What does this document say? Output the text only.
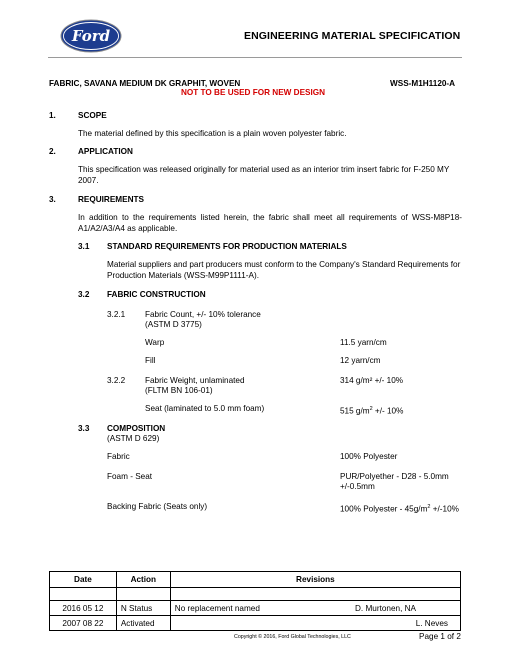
Ford	ENGINEERING MATERIAL SPECIFICATION
FABRIC, SAVANA MEDIUM DK GRAPHIT, WOVEN	WSS-M1H1120-A
NOT TO BE USED FOR NEW DESIGN
1.	SCOPE
The material defined by this specification is a plain woven polyester fabric.
2.	APPLICATION
This specification was released originally for material used as an interior trim insert fabric for F-250 MY 2007.
3.	REQUIREMENTS
In addition to the requirements listed herein, the fabric shall meet all requirements of WSS-M8P18-A1/A2/A3/A4 as applicable.
3.1 STANDARD REQUIREMENTS FOR PRODUCTION MATERIALS
Material suppliers and part producers must conform to the Company's Standard Requirements for Production Materials (WSS-M99P1111-A).
3.2 FABRIC CONSTRUCTION
3.2.1 Fabric Count, +/- 10% tolerance
(ASTM D 3775)
Warp	11.5 yarn/cm
Fill	12 yarn/cm
3.2.2 Fabric Weight, unlaminated
(FLTM BN 106-01)
314 g/m² +/- 10%
Seat (laminated to 5.0 mm foam)	515 $g/m^2$ +/- 10%
3.3 COMPOSITION
(ASTM D 629)
Fabric	100% Polyester
Foam - Seat	PUR/Polyether - D28 - 5.0mm
+/-0.5mm
Backing Fabric (Seats only)	100% Polyester - $45g/m^2 +/-10\%$
Date	Action	Revisions

2016 05 12	N Status	No replacement named D. Murtonen, NA

2007 08 22	Activated	L. Neves
Copyright © 2016, Ford Global Technologies, LLC	Page 1 of 2
